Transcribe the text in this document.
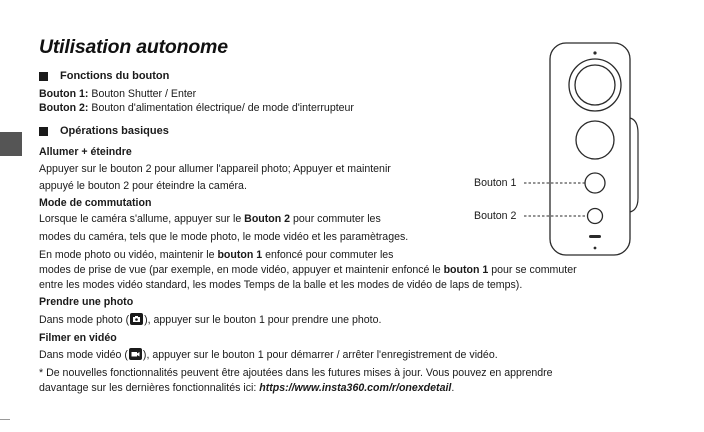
Utilisation autonome
Fonctions du bouton
Bouton 1: Bouton Shutter / Enter
Bouton 2: Bouton d'alimentation électrique/ de mode d'interrupteur
Opérations basiques
Allumer + éteindre
Appuyer sur le bouton 2 pour allumer l'appareil photo; Appuyer et maintenir
appuyé le bouton 2 pour éteindre la caméra.
Mode de commutation
Lorsque le caméra s'allume, appuyer sur le Bouton 2 pour commuter les
modes du caméra, tels que le mode photo, le mode vidéo et les paramètrages.
En mode photo ou vidéo, maintenir le bouton 1 enfoncé pour commuter les
modes de prise de vue (par exemple, en mode vidéo, appuyer et maintenir enfoncé le bouton 1 pour se commuter
entre les modes vidéo standard, les modes Temps de la balle et les modes de vidéo de laps de temps).
Prendre une photo
Dans mode photo ( ), appuyer sur le bouton 1 pour prendre une photo.
Filmer en vidéo
Dans mode vidéo ( ), appuyer sur le bouton 1 pour démarrer / arrêter l'enregistrement de vidéo.
* De nouvelles fonctionnalités peuvent être ajoutées dans les futures mises à jour. Vous pouvez en apprendre
davantage sur les dernières fonctionnalités ici: https://www.insta360.com/r/onexdetail.
Bouton 1
Bouton 2
